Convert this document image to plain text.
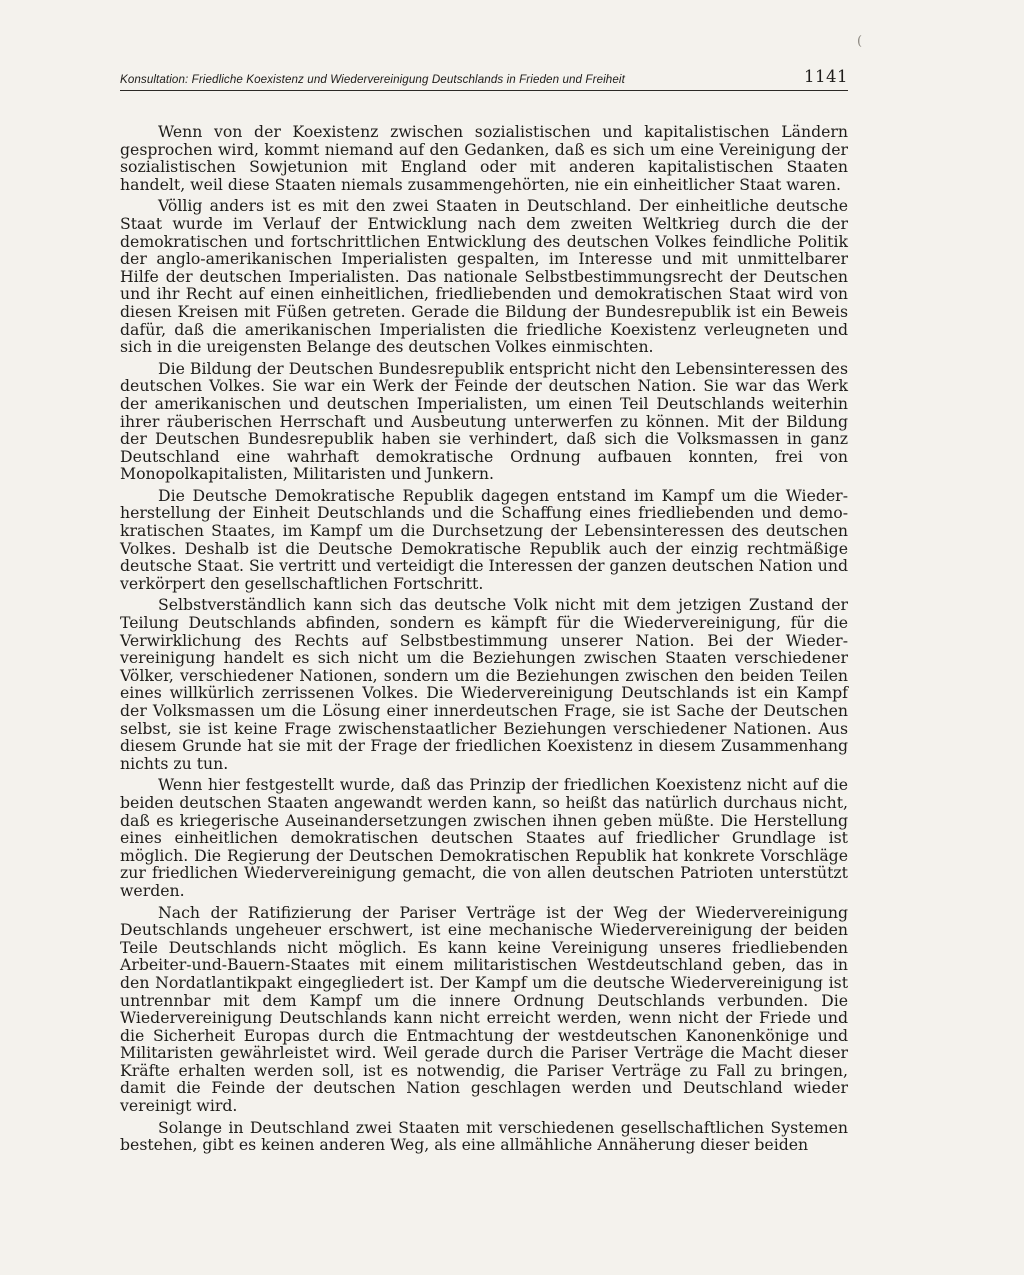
(
Konsultation: Friedliche Koexistenz und Wiedervereinigung Deutschlands in Frieden und Freiheit	1141

Wenn von der Koexistenz zwischen sozialistischen und kapitalistischen Ländern gesprochen wird, kommt niemand auf den Gedanken, daß es sich um eine Vereinigung der sozialistischen Sowjetunion mit England oder mit anderen kapitalistischen Staaten handelt, weil diese Staaten niemals zusammengehörten, nie ein einheitlicher Staat waren.

Völlig anders ist es mit den zwei Staaten in Deutschland. Der einheitliche deutsche Staat wurde im Verlauf der Entwicklung nach dem zweiten Weltkrieg durch die der demokratischen und fortschrittlichen Entwicklung des deutschen Volkes feindliche Politik der anglo-amerikanischen Imperialisten gespalten, im Interesse und mit unmittelbarer Hilfe der deutschen Imperialisten. Das nationale Selbstbestimmungsrecht der Deutschen und ihr Recht auf einen einheitlichen, friedliebenden und demokratischen Staat wird von diesen Kreisen mit Füßen getreten. Gerade die Bildung der Bundesrepublik ist ein Beweis dafür, daß die amerikanischen Imperialisten die friedliche Koexistenz verleugneten und sich in die ureigensten Belange des deutschen Volkes einmischten.

Die Bildung der Deutschen Bundesrepublik entspricht nicht den Lebensinteressen des deutschen Volkes. Sie war ein Werk der Feinde der deutschen Nation. Sie war das Werk der amerikanischen und deutschen Imperialisten, um einen Teil Deutschlands weiterhin ihrer räuberischen Herrschaft und Ausbeutung unterwerfen zu können. Mit der Bildung der Deutschen Bundesrepublik haben sie verhindert, daß sich die Volksmassen in ganz Deutschland eine wahrhaft demokratische Ordnung aufbauen konnten, frei von Monopolkapitalisten, Militaristen und Junkern.

Die Deutsche Demokratische Republik dagegen entstand im Kampf um die Wiederherstellung der Einheit Deutschlands und die Schaffung eines friedliebenden und demokratischen Staates, im Kampf um die Durchsetzung der Lebensinteressen des deutschen Volkes. Deshalb ist die Deutsche Demokratische Republik auch der einzig rechtmäßige deutsche Staat. Sie vertritt und verteidigt die Interessen der ganzen deutschen Nation und verkörpert den gesellschaftlichen Fortschritt.

Selbstverständlich kann sich das deutsche Volk nicht mit dem jetzigen Zustand der Teilung Deutschlands abfinden, sondern es kämpft für die Wiedervereinigung, für die Verwirklichung des Rechts auf Selbstbestimmung unserer Nation. Bei der Wiedervereinigung handelt es sich nicht um die Beziehungen zwischen Staaten verschiedener Völker, verschiedener Nationen, sondern um die Beziehungen zwischen den beiden Teilen eines willkürlich zerrissenen Volkes. Die Wiedervereinigung Deutschlands ist ein Kampf der Volksmassen um die Lösung einer innerdeutschen Frage, sie ist Sache der Deutschen selbst, sie ist keine Frage zwischenstaatlicher Beziehungen verschiedener Nationen. Aus diesem Grunde hat sie mit der Frage der friedlichen Koexistenz in diesem Zusammenhang nichts zu tun.

Wenn hier festgestellt wurde, daß das Prinzip der friedlichen Koexistenz nicht auf die beiden deutschen Staaten angewandt werden kann, so heißt das natürlich durchaus nicht, daß es kriegerische Auseinandersetzungen zwischen ihnen geben müßte. Die Herstellung eines einheitlichen demokratischen deutschen Staates auf friedlicher Grundlage ist möglich. Die Regierung der Deutschen Demokratischen Republik hat konkrete Vorschläge zur friedlichen Wiedervereinigung gemacht, die von allen deutschen Patrioten unterstützt werden.

Nach der Ratifizierung der Pariser Verträge ist der Weg der Wiedervereinigung Deutschlands ungeheuer erschwert, ist eine mechanische Wiedervereinigung der beiden Teile Deutschlands nicht möglich. Es kann keine Vereinigung unseres friedliebenden Arbeiter-und-Bauern-Staates mit einem militaristischen Westdeutschland geben, das in den Nordatlantikpakt eingegliedert ist. Der Kampf um die deutsche Wiedervereinigung ist untrennbar mit dem Kampf um die innere Ordnung Deutschlands verbunden. Die Wiedervereinigung Deutschlands kann nicht erreicht werden, wenn nicht der Friede und die Sicherheit Europas durch die Entmachtung der westdeutschen Kanonenkönige und Militaristen gewährleistet wird. Weil gerade durch die Pariser Verträge die Macht dieser Kräfte erhalten werden soll, ist es notwendig, die Pariser Verträge zu Fall zu bringen, damit die Feinde der deutschen Nation geschlagen werden und Deutschland wieder vereinigt wird.

Solange in Deutschland zwei Staaten mit verschiedenen gesellschaftlichen Systemen bestehen, gibt es keinen anderen Weg, als eine allmähliche Annäherung dieser beiden
